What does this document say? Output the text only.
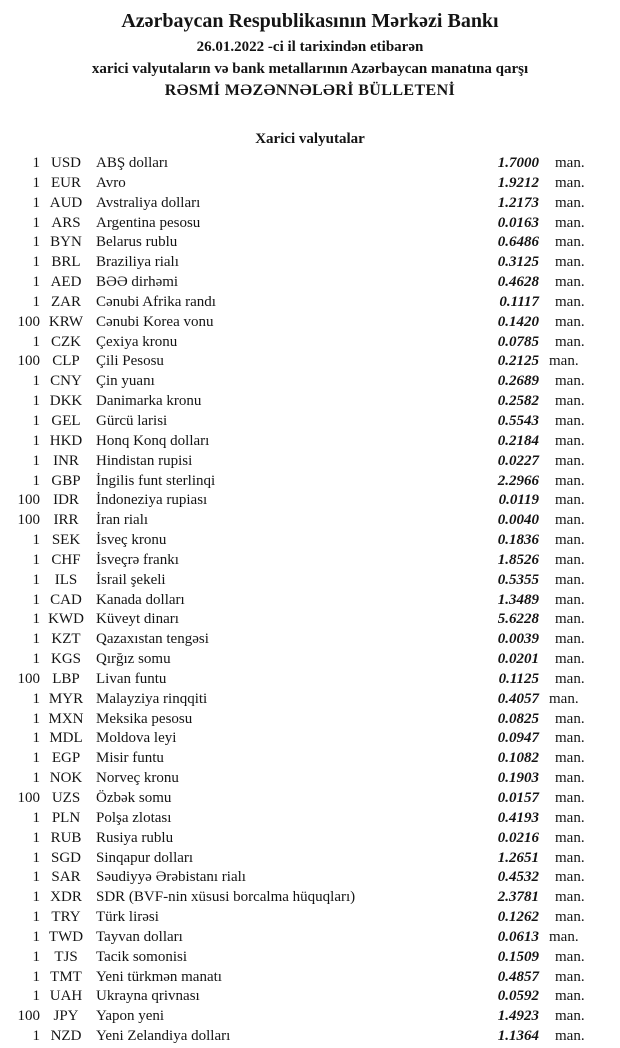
Azərbaycan Respublikasının Mərkəzi Bankı
26.01.2022 -ci il tarixindən etibarən
xarici valyutaların və bank metallarının Azərbaycan manatına qarşı
RƏSMİ MƏZƏNNƏLƏRİ BÜLLETENİ
Xarici valyutalar
1 USD	ABŞ dolları	1.7000	man.
1 EUR	Avro	1.9212	man.
1 AUD Avstraliya dolları	1.2173	man.
1 ARS	Argentina pesosu	0.0163	man.
1 BYN Belarus rublu	0.6486	man.
1 BRL	Braziliya rialı	0.3125	man.
1 AED BƏƏ dirhəmi	0.4628	man.
1 ZAR	Cənubi Afrika randı	0.1117	man.
100 KRW Cənubi Korea vonu	0.1420	man.
1 CZK	Çexiya kronu	0.0785	man.
100 CLP	Çili Pesosu	0.2125 man.
1 CNY Çin yuanı	0.2689	man.
1 DKK Danimarka kronu	0.2582	man.
1 GEL	Gürcü larisi	0.5543	man.
1 HKD Honq Konq dolları	0.2184	man.
1 INR	Hindistan rupisi	0.0227	man.
1 GBP	İngilis funt sterlinqi	2.2966	man.
100 IDR	İndoneziya rupiası	0.0119	man.
100 IRR	İran rialı	0.0040	man.
1 SEK	İsveç kronu	0.1836	man.
1 CHF	İsveçrə frankı	1.8526	man.
1 ILS	İsrail şekeli	0.5355	man.
1 CAD Kanada dolları	1.3489	man.
1 KWD Küveyt dinarı	5.6228	man.
1 KZT	Qazaxıstan tengəsi	0.0039	man.
1 KGS	Qırğız somu	0.0201	man.
100 LBP	Livan funtu	0.1125	man.
1 MYR Malayziya rinqqiti	0.4057 man.
1 MXN Meksika pesosu	0.0825	man.
1 MDL Moldova leyi	0.0947	man.
1 EGP	Misir funtu	0.1082	man.
1 NOK Norveç kronu	0.1903	man.
100 UZS	Özbək somu	0.0157	man.
1 PLN	Polşa zlotası	0.4193	man.
1 RUB Rusiya rublu	0.0216	man.
1 SGD	Sinqapur dolları	1.2651	man.
1 SAR	Səudiyyə Ərəbistanı rialı	0.4532	man.
1 XDR SDR (BVF-nin xüsusi borcalma hüquqları)	2.3781	man.
1 TRY	Türk lirəsi	0.1262	man.
1 TWD Tayvan dolları	0.0613 man.
1 TJS	Tacik somonisi	0.1509	man.
1 TMT Yeni türkmən manatı	0.4857	man.
1 UAH Ukrayna qrivnası	0.0592	man.
100 JPY	Yapon yeni	1.4923	man.
1 NZD Yeni Zelandiya dolları	1.1364	man.
